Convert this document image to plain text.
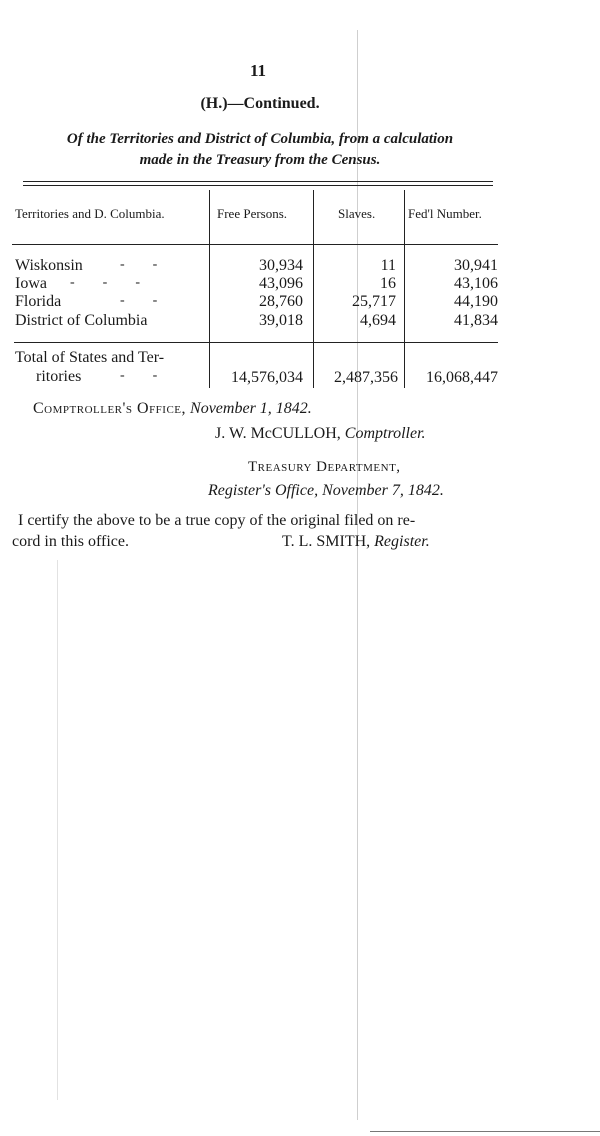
11
(H.)—Continued.
Of the Territories and District of Columbia, from a calculation
made in the Treasury from the Census.
Territories and D. Columbia.	Free Persons.	Slaves.	Fed'l Number.
Wiskonsin	-        -	30,934	11	30,941
Iowa -        -        -	43,096	16	43,106
Florida	-        -	28,760	25,717	44,190
District of Columbia	39,018	4,694	41,834
Total of States and Ter-
ritories	-        -	14,576,034	2,487,356	16,068,447
Comptroller's Office, November 1, 1842.
J. W. McCULLOH, Comptroller.
Treasury Department,
Register's Office, November 7, 1842.
I certify the above to be a true copy of the original filed on re-
cord in this office.	T. L. SMITH, Register.
